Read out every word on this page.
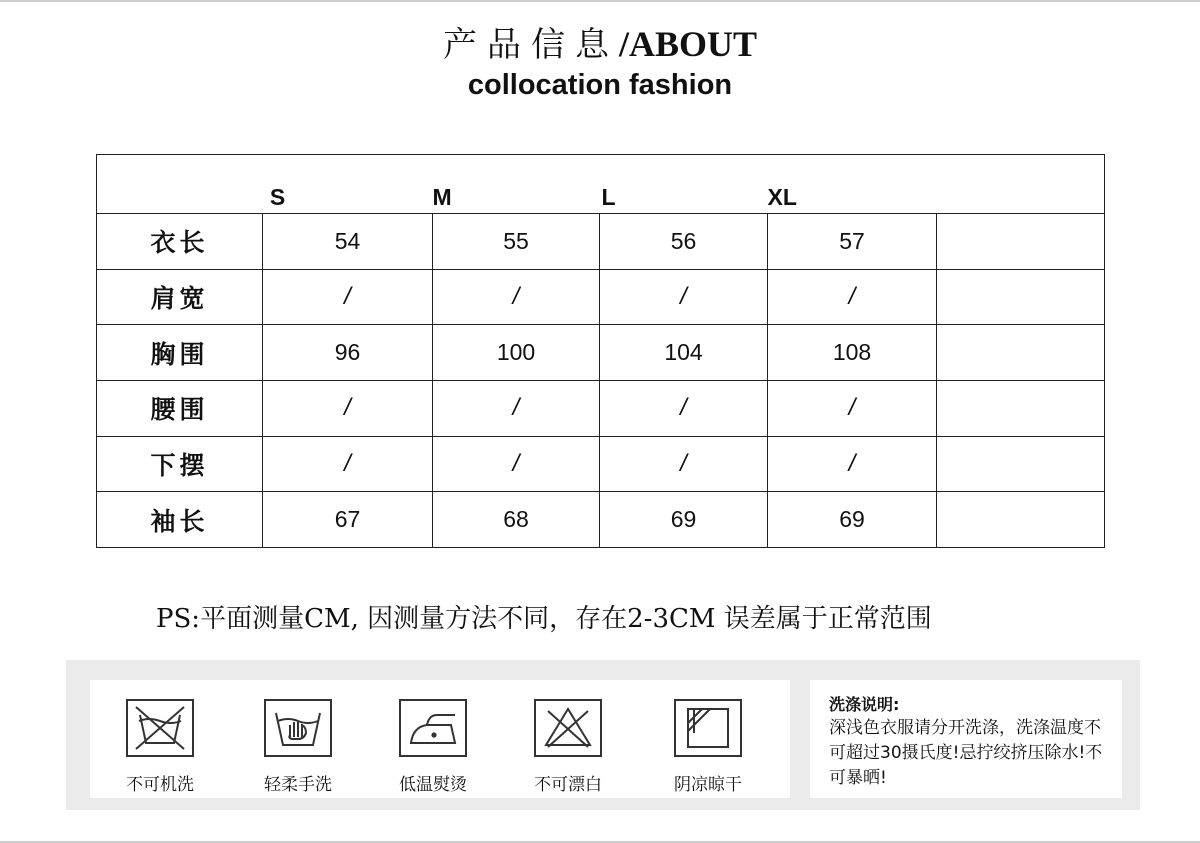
产品信息/ABOUT
collocation fashion
	S	M	L	XL	
衣长	54	55	56	57	
肩宽	/	/	/	/	
胸围	96	100	104	108	
腰围	/	/	/	/	
下摆	/	/	/	/	
袖长	67	68	69	69	
PS:平面测量CM, 因测量方法不同，存在2-3CM 误差属于正常范围
不可机洗	轻柔手洗	低温熨烫	不可漂白	阴凉晾干
洗涤说明:
深浅色衣服请分开洗涤，洗涤温度不可超过30摄氏度!忌拧绞挤压除水!不可暴晒!
